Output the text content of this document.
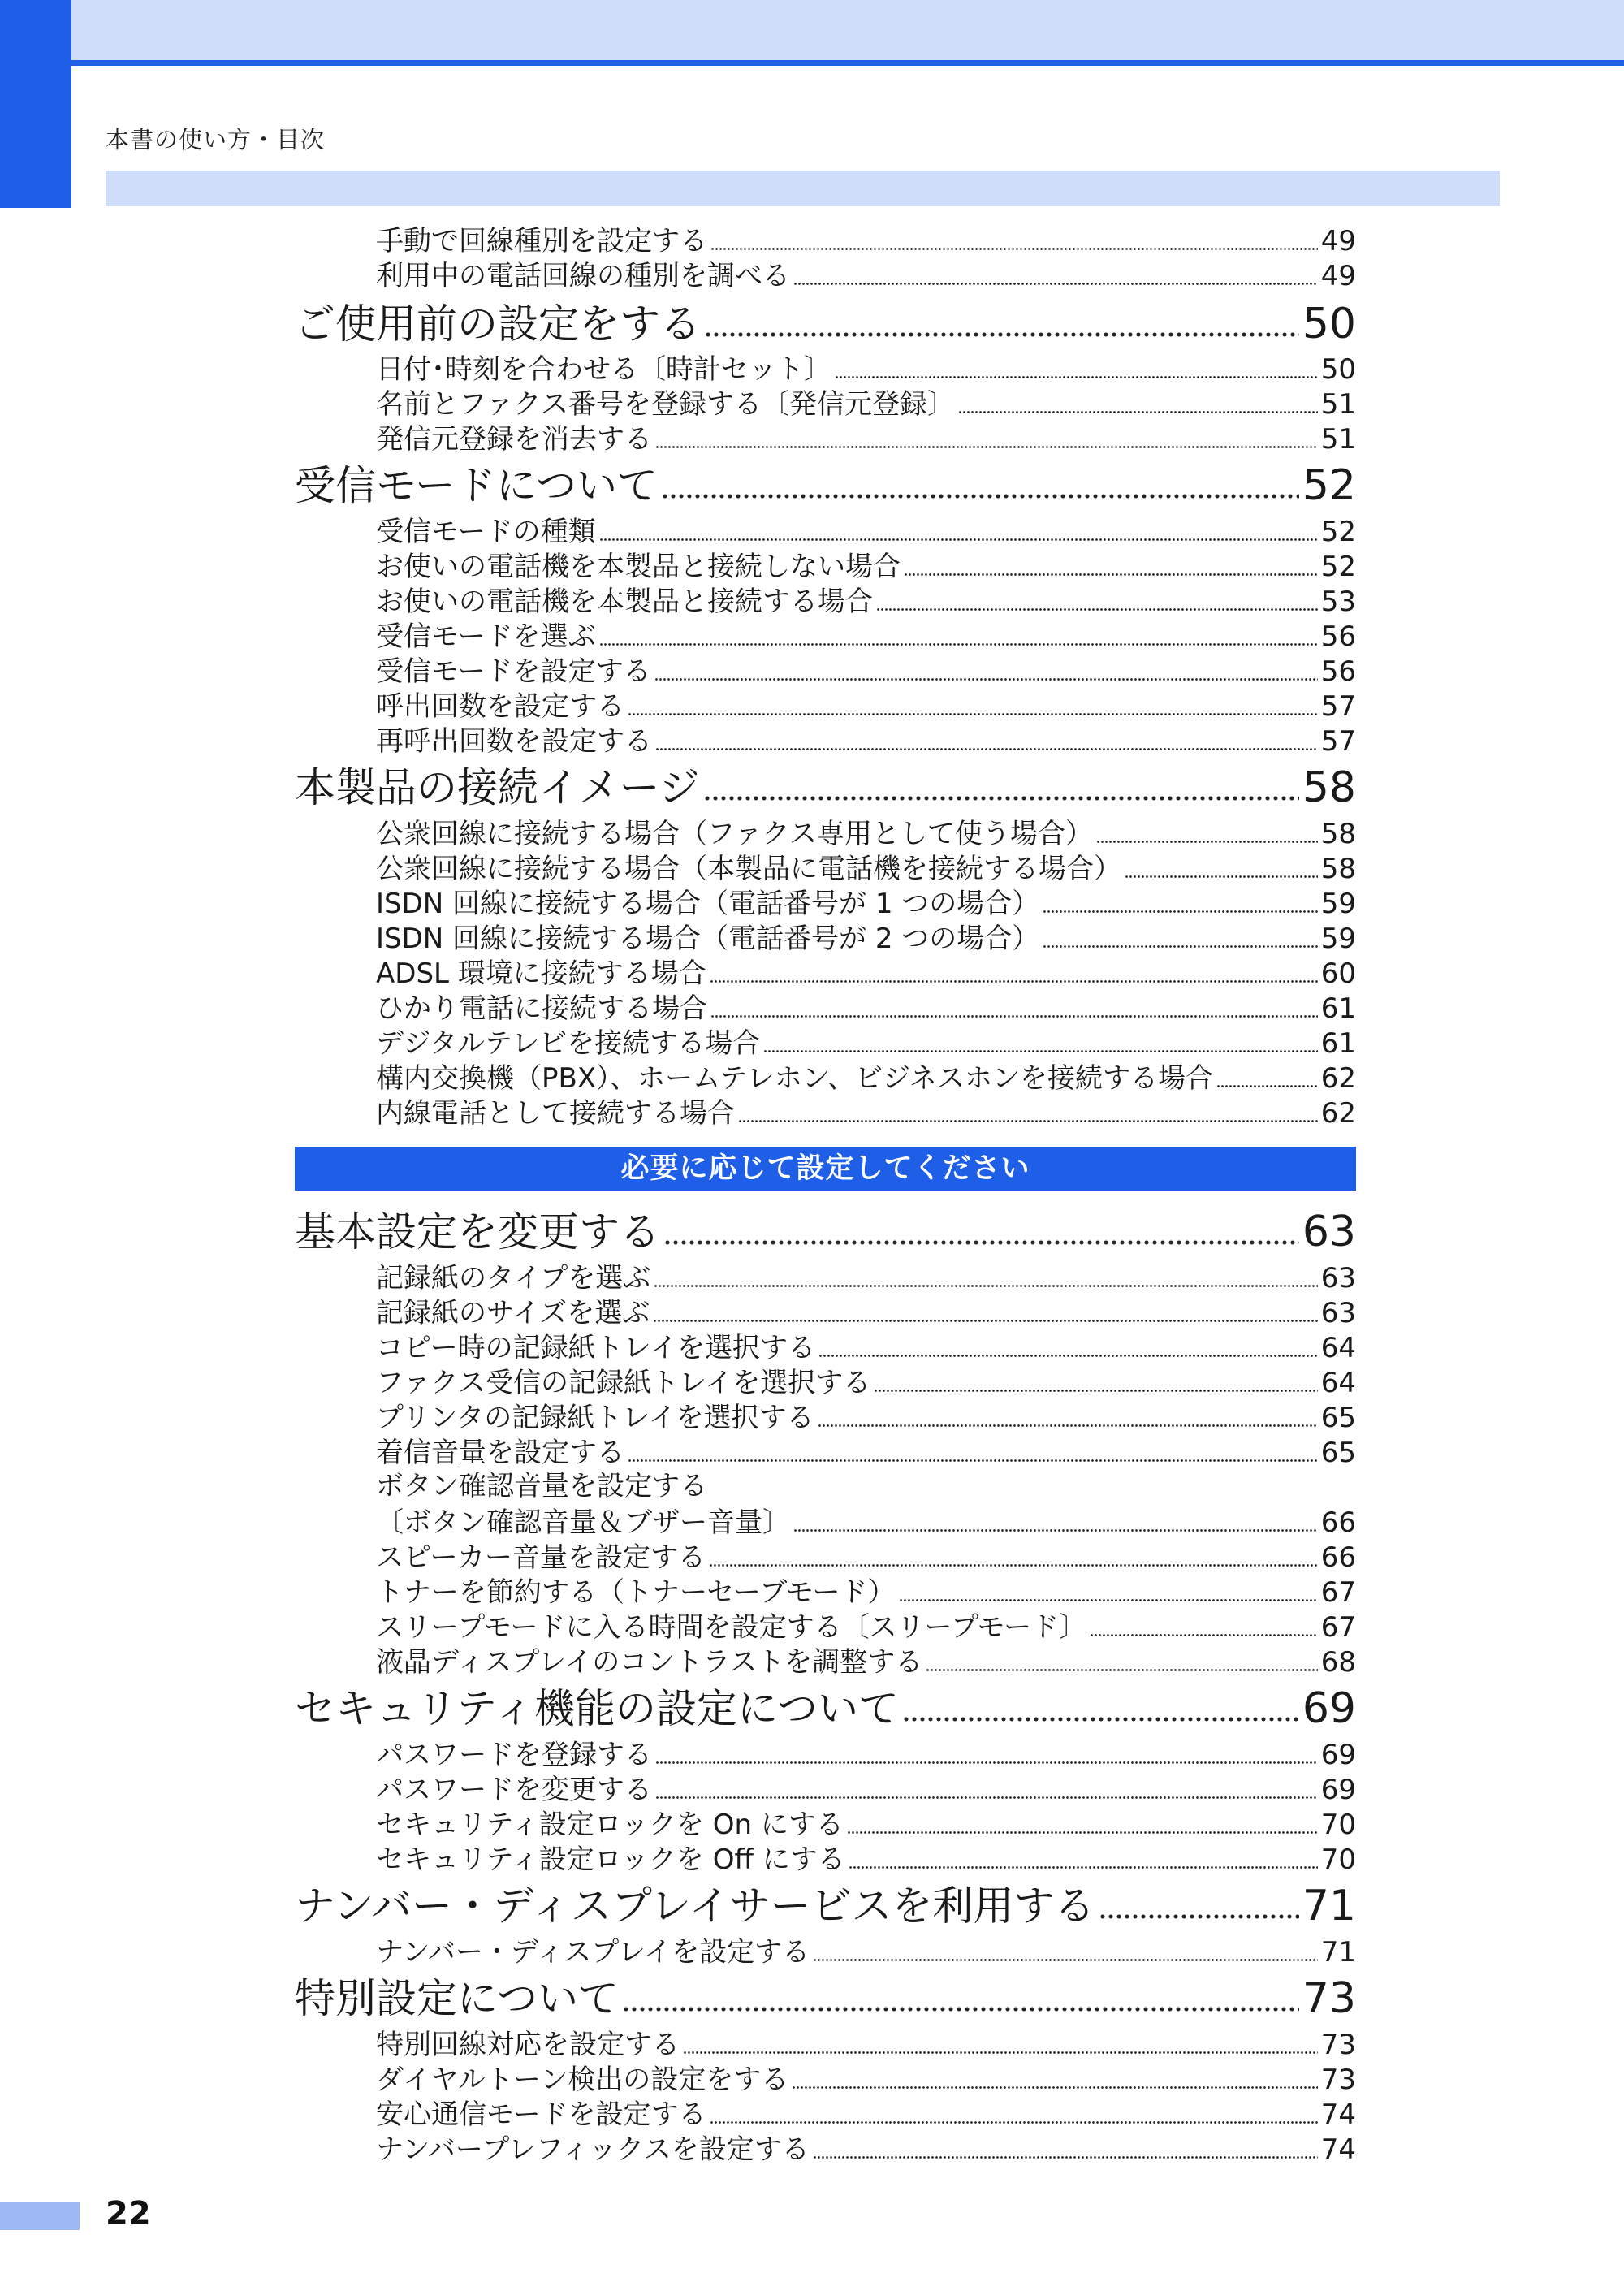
本書の使い方・目次
手動で回線種別を設定する	49
利用中の電話回線の種別を調べる	49
ご使用前の設定をする	50
日付･時刻を合わせる〔時計セット〕	50
名前とファクス番号を登録する〔発信元登録〕	51
発信元登録を消去する	51
受信モードについて	52
受信モードの種類	52
お使いの電話機を本製品と接続しない場合	52
お使いの電話機を本製品と接続する場合	53
受信モードを選ぶ	56
受信モードを設定する	56
呼出回数を設定する	57
再呼出回数を設定する	57
本製品の接続イメージ	58
公衆回線に接続する場合（ファクス専用として使う場合）	58
公衆回線に接続する場合（本製品に電話機を接続する場合）	58
ISDN 回線に接続する場合（電話番号が 1 つの場合）	59
ISDN 回線に接続する場合（電話番号が 2 つの場合）	59
ADSL 環境に接続する場合	60
ひかり電話に接続する場合	61
デジタルテレビを接続する場合	61
構内交換機（PBX）、ホームテレホン、ビジネスホンを接続する場合	62
内線電話として接続する場合	62
基本設定を変更する	63
記録紙のタイプを選ぶ	63
記録紙のサイズを選ぶ	63
コピー時の記録紙トレイを選択する	64
ファクス受信の記録紙トレイを選択する	64
プリンタの記録紙トレイを選択する	65
着信音量を設定する	65
ボタン確認音量を設定する
〔ボタン確認音量＆ブザー音量〕	66
スピーカー音量を設定する	66
トナーを節約する（トナーセーブモード）	67
スリープモードに入る時間を設定する〔スリープモード〕	67
液晶ディスプレイのコントラストを調整する	68
セキュリティ機能の設定について	69
パスワードを登録する	69
パスワードを変更する	69
セキュリティ設定ロックを On にする	70
セキュリティ設定ロックを Off にする	70
ナンバー・ディスプレイサービスを利用する	71
ナンバー・ディスプレイを設定する	71
特別設定について	73
特別回線対応を設定する	73
ダイヤルトーン検出の設定をする	73
安心通信モードを設定する	74
ナンバープレフィックスを設定する	74
22
必要に応じて設定してください
